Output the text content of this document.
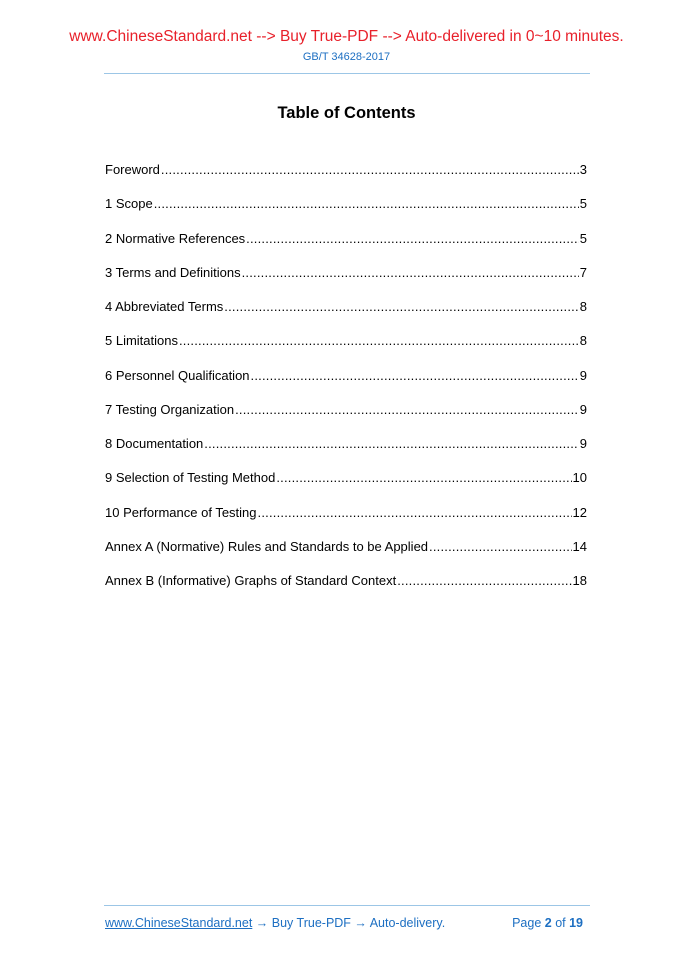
www.ChineseStandard.net --> Buy True-PDF --> Auto-delivered in 0~10 minutes.
GB/T 34628-2017
Table of Contents
Foreword .....	3
1 Scope .....	5
2 Normative References .....	5
3 Terms and Definitions .....	7
4 Abbreviated Terms .....	8
5 Limitations .....	8
6 Personnel Qualification .....	9
7 Testing Organization .....	9
8 Documentation .....	9
9 Selection of Testing Method .....	10
10 Performance of Testing .....	12
Annex A (Normative) Rules and Standards to be Applied .....	14
Annex B (Informative) Graphs of Standard Context .....	18
www.ChineseStandard.net → Buy True-PDF → Auto-delivery.	Page 2 of 19
